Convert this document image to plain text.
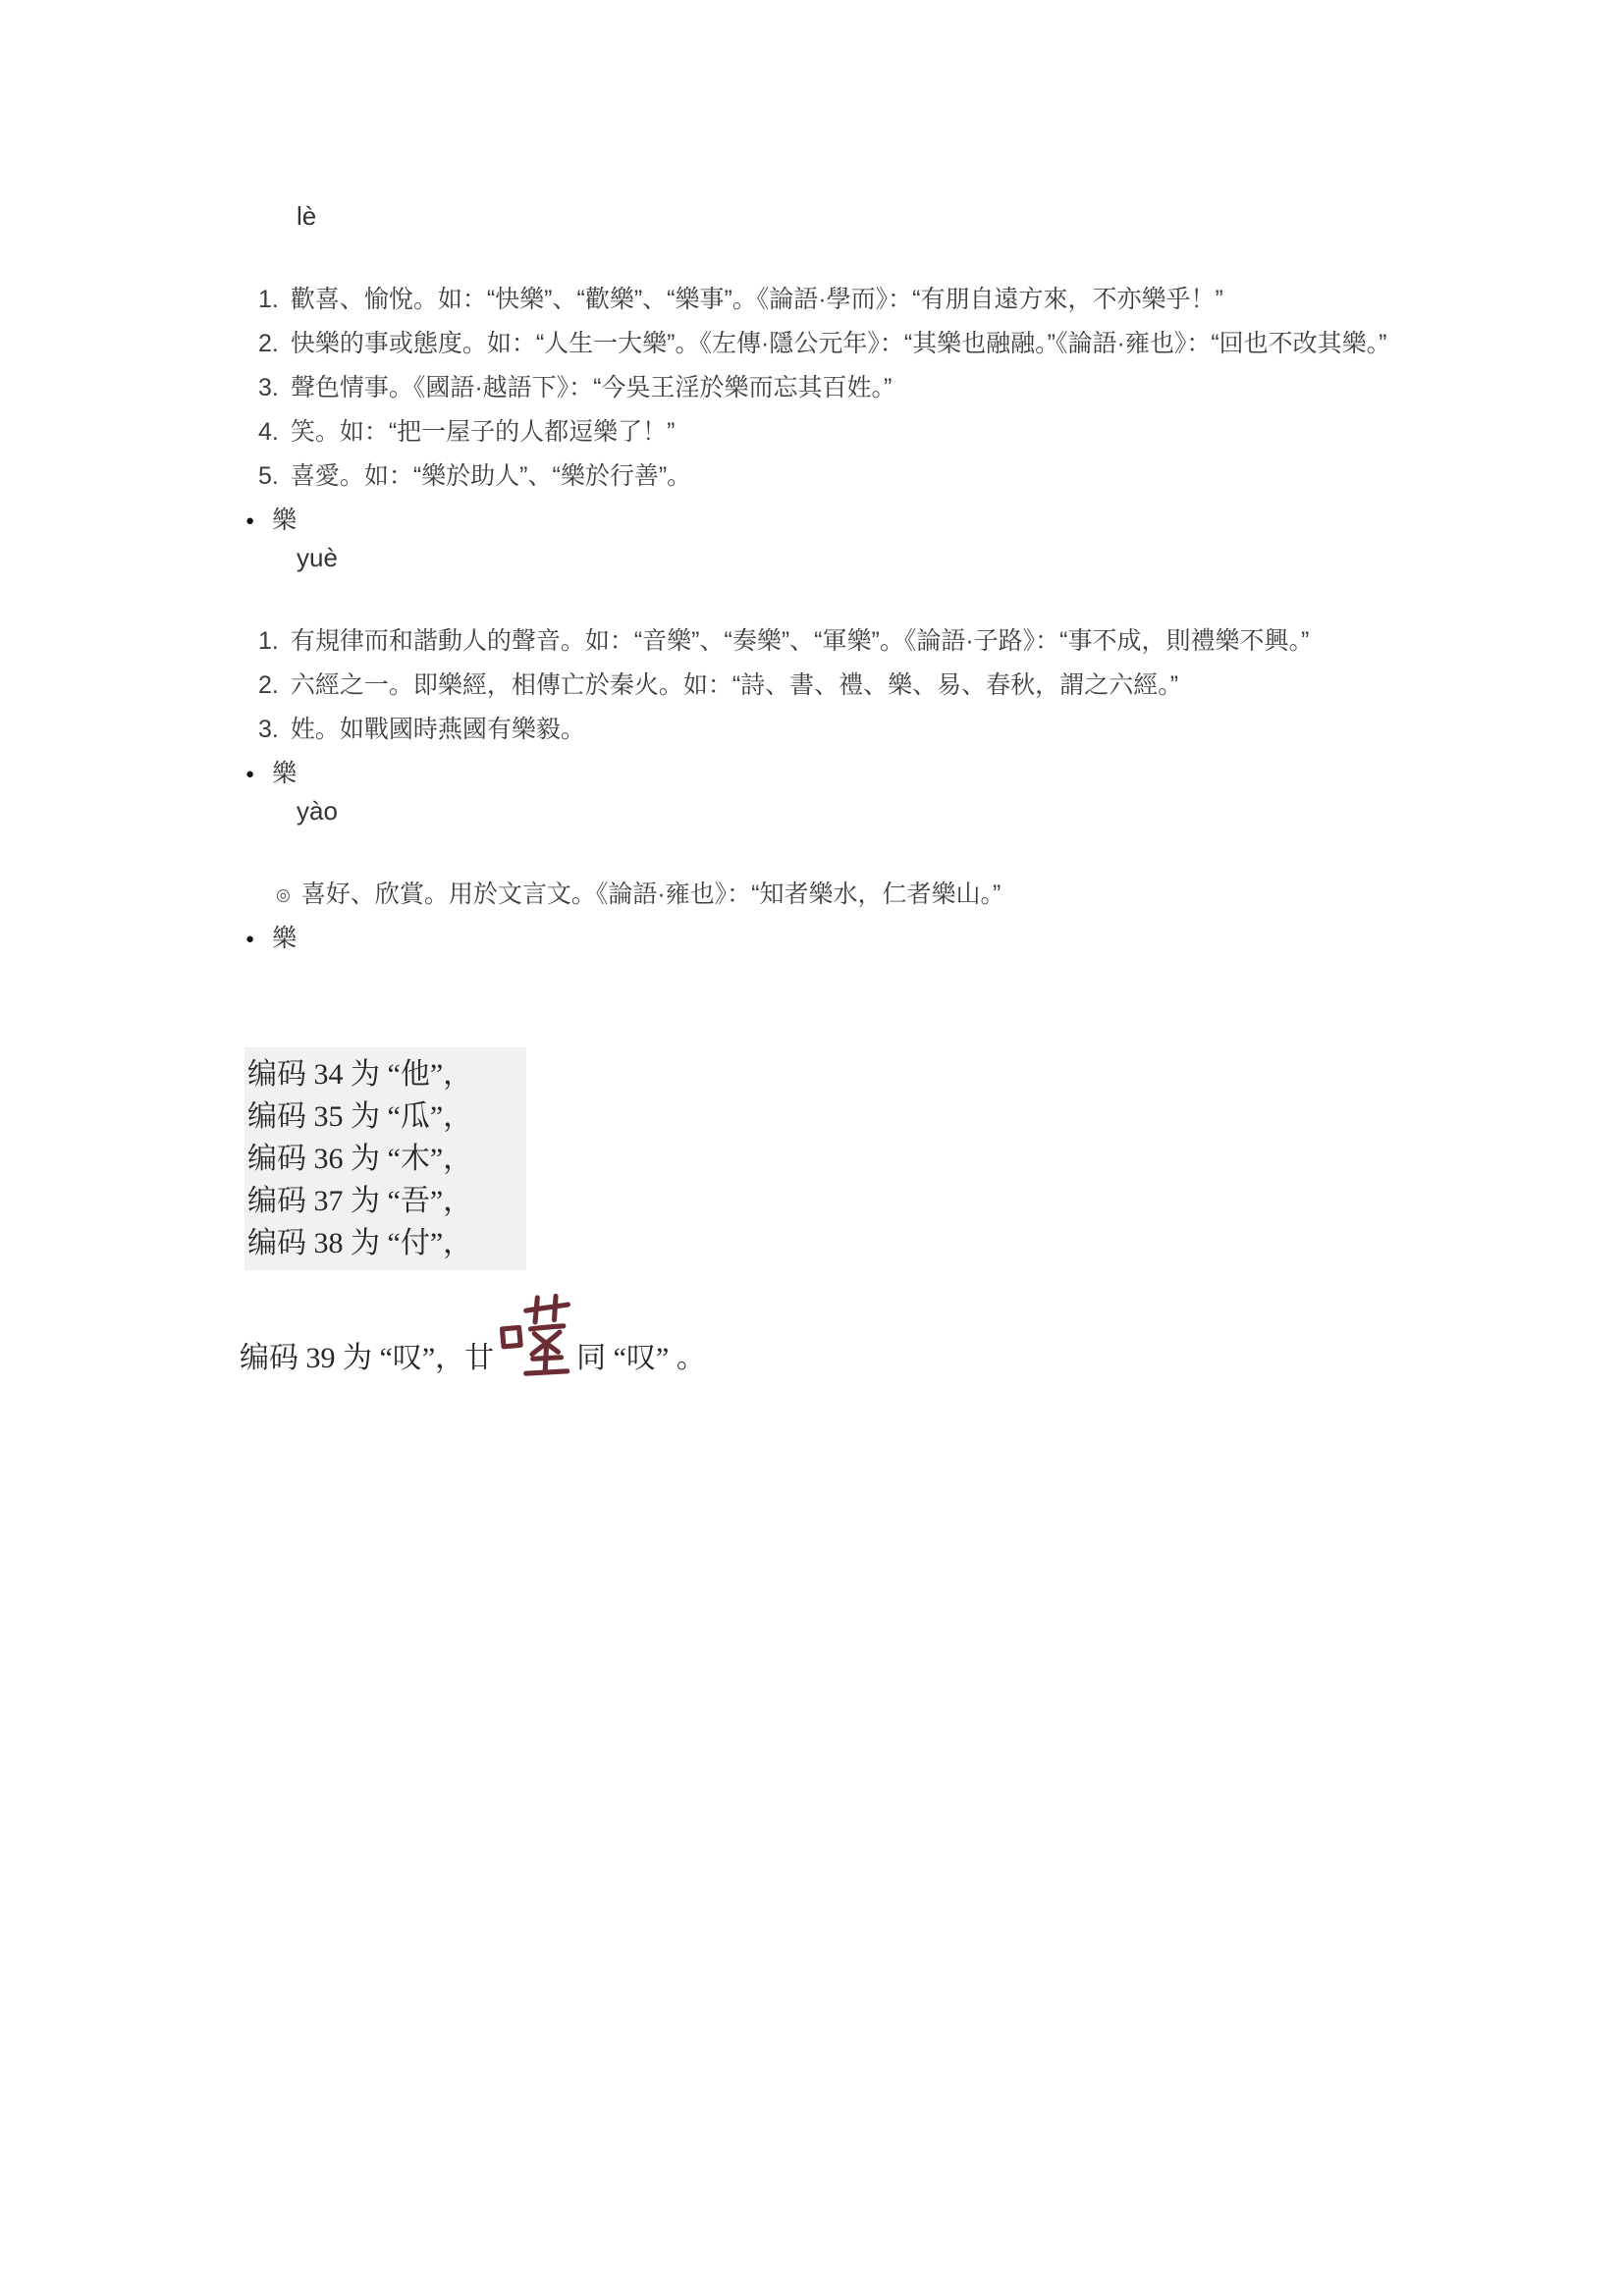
lè
1. 歡喜、愉悅。如：“快樂”、“歡樂”、“樂事”。《論語·學而》：“有朋自遠方來，不亦樂乎！”
2. 快樂的事或態度。如：“人生一大樂”。《左傳·隱公元年》：“其樂也融融。”《論語·雍也》：“回也不改其樂。”
3. 聲色情事。《國語·越語下》：“今吳王淫於樂而忘其百姓。”
4. 笑。如：“把一屋子的人都逗樂了！”
5. 喜愛。如：“樂於助人”、“樂於行善”。
● 樂
yuè
1. 有規律而和諧動人的聲音。如：“音樂”、“奏樂”、“軍樂”。《論語·子路》：“事不成，則禮樂不興。”
2. 六經之一。即樂經，相傳亡於秦火。如：“詩、書、禮、樂、易、春秋，謂之六經。”
3. 姓。如戰國時燕國有樂毅。
● 樂
yào
◎ 喜好、欣賞。用於文言文。《論語·雍也》：“知者樂水，仁者樂山。”
● 樂
编码 34 为 “他”，
编码 35 为 “瓜”，
编码 36 为 “木”，
编码 37 为 “吾”，
编码 38 为 “付”，
编码 39 为 “叹”，廿	同 “叹” 。
